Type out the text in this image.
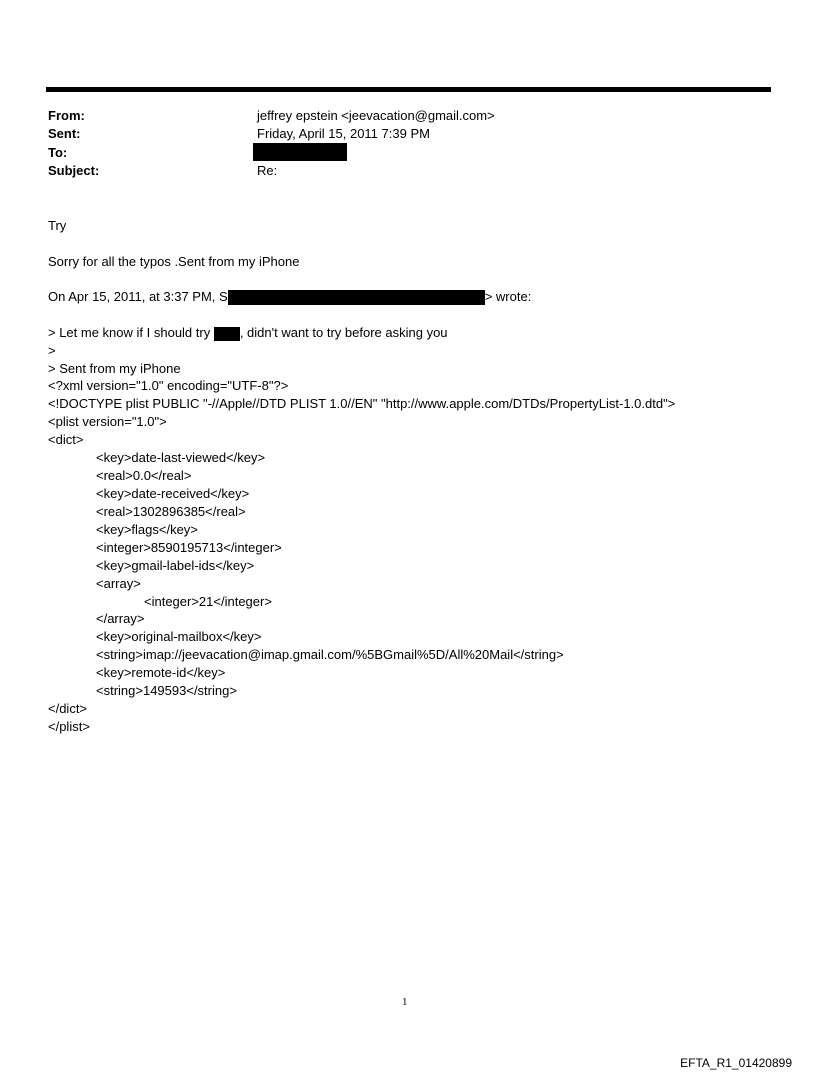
From:	jeffrey epstein <jeevacation@gmail.com>
Sent:	Friday, April 15, 2011 7:39 PM
To:
Subject:	Re:
Try
Sorry for all the typos .Sent from my iPhone
On Apr 15, 2011, at 3:37 PM, S	> wrote:
> Let me know if I should try , didn't want to try before asking you
>
> Sent from my iPhone
<?xml version="1.0" encoding="UTF-8"?>
<!DOCTYPE plist PUBLIC "-//Apple//DTD PLIST 1.0//EN" "http://www.apple.com/DTDs/PropertyList-1.0.dtd">
<plist version="1.0">
<dict>
<key>date-last-viewed</key>
<real>0.0</real>
<key>date-received</key>
<real>1302896385</real>
<key>flags</key>
<integer>8590195713</integer>
<key>gmail-label-ids</key>
<array>
<integer>21</integer>
</array>
<key>original-mailbox</key>
<string>imap://jeevacation@imap.gmail.com/%5BGmail%5D/All%20Mail</string>
<key>remote-id</key>
<string>149593</string>
</dict>
</plist>
1
EFTA_R1_01420899
